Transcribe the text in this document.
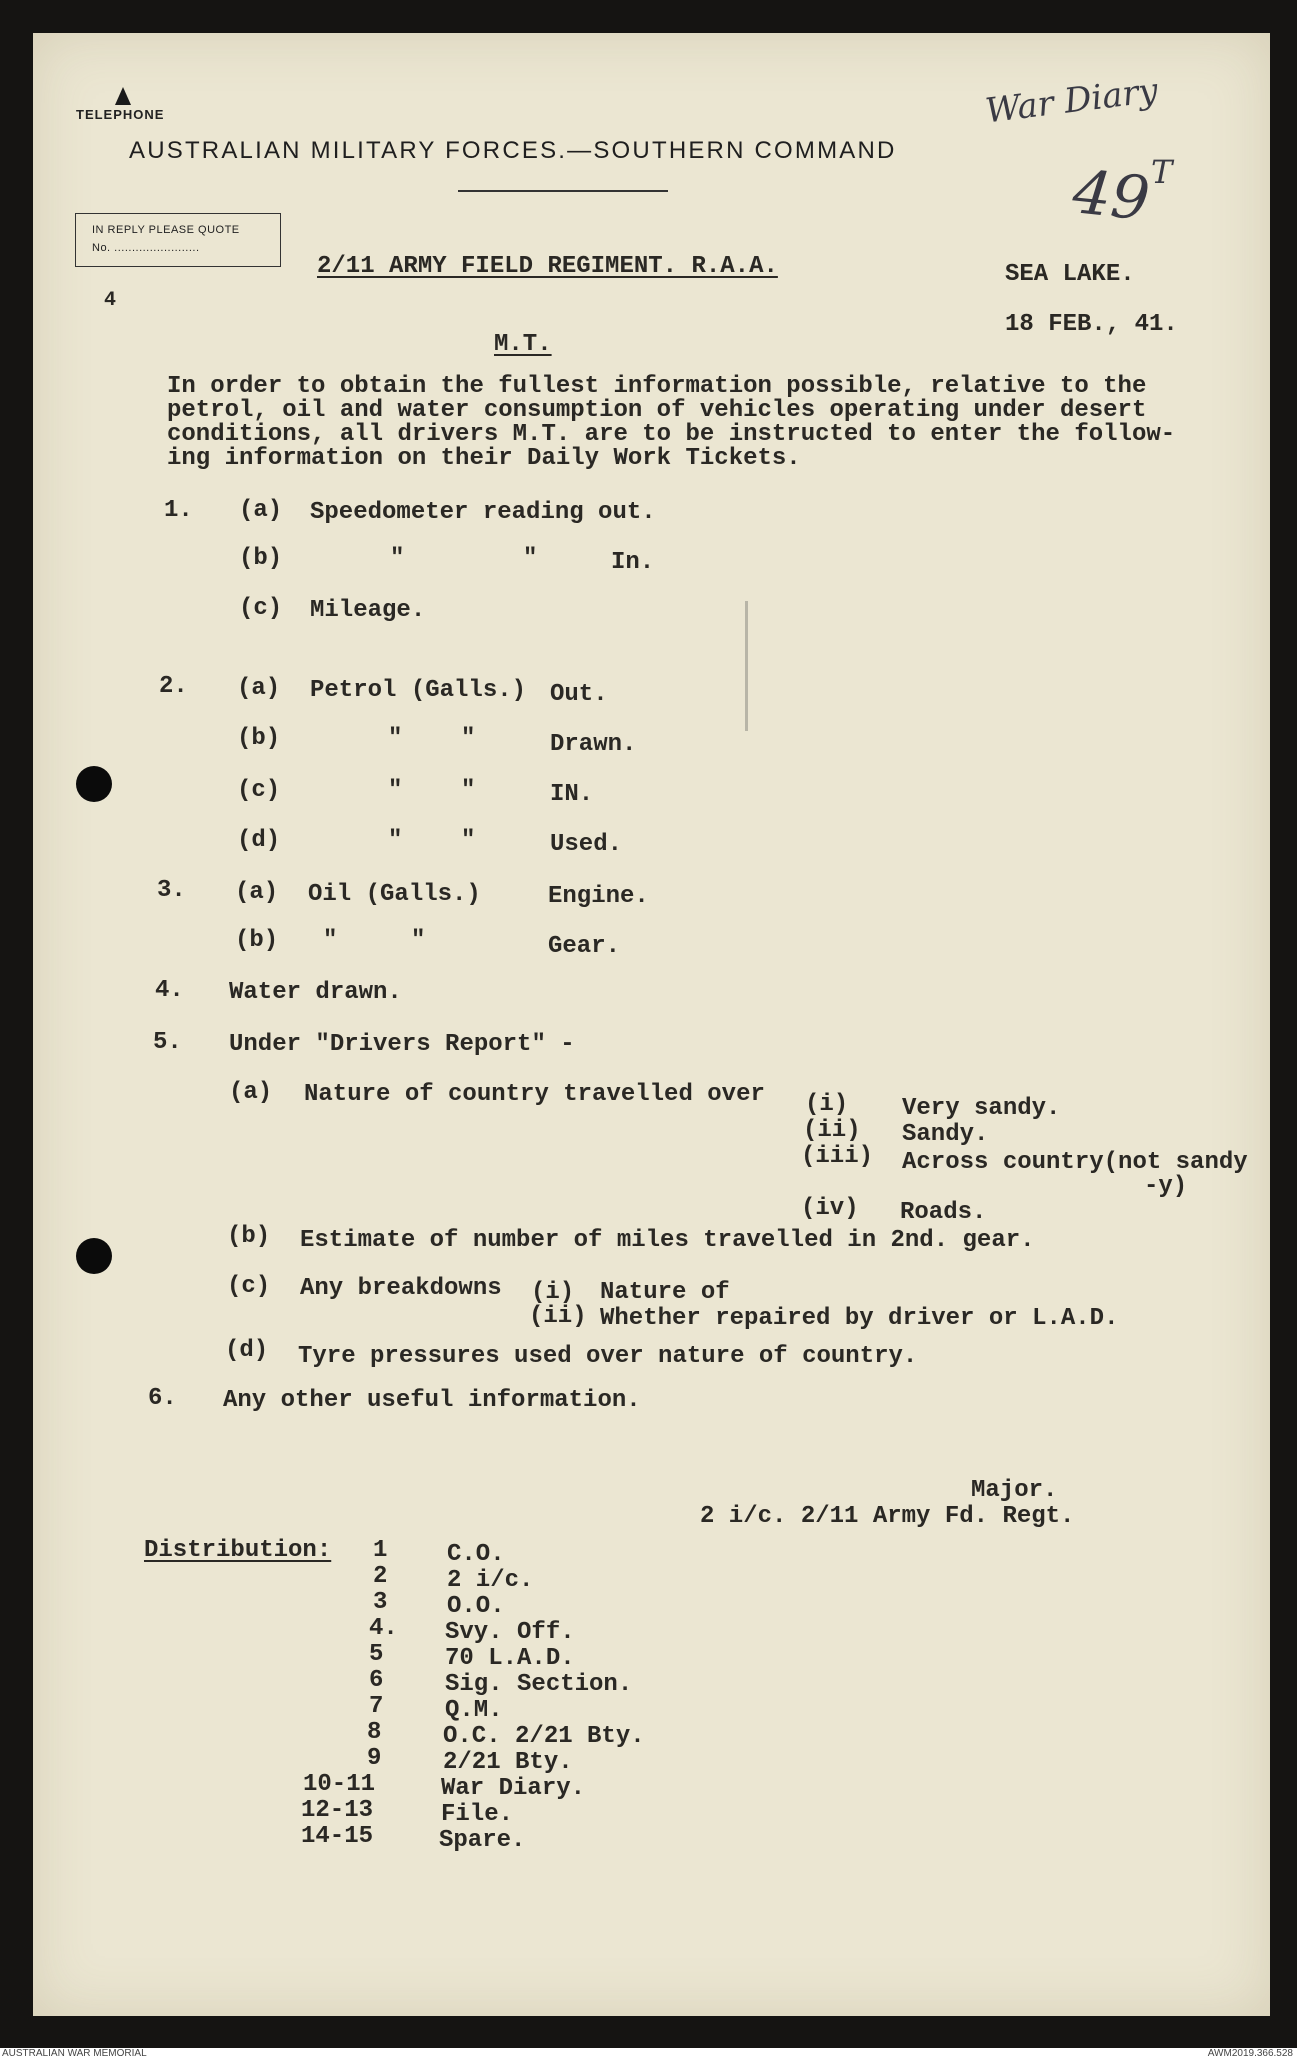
War Diary
49
T
TELEPHONE
AUSTRALIAN MILITARY FORCES.—SOUTHERN COMMAND
IN REPLY PLEASE QUOTE
No. ........................
2/11 ARMY FIELD REGIMENT. R.A.A.	SEA LAKE.
18 FEB., 41.
4
M.T.
In order to obtain the fullest information possible, relative to the
petrol, oil and water consumption of vehicles operating under desert
conditions, all drivers M.T. are to be instructed to enter the follow-
ing information on their Daily Work Tickets.
1. (a) Speedometer reading out.
(b)	"	"	In.
(c) Mileage.
2. (a) Petrol (Galls.) Out.
(b)	" "	Drawn.
(c)	" "	IN.
(d)	" "	Used.
3. (a) Oil (Galls.)	Engine.
(b) "	"	Gear.
4. Water drawn.
5. Under "Drivers Report" -
(a) Nature of country travelled over (i) Very sandy.
(ii) Sandy.
(iii) Across country(not sandy
-y)
(iv) Roads.
(b) Estimate of number of miles travelled in 2nd. gear.
(c) Any breakdowns (i) Nature of
(ii) Whether repaired by driver or L.A.D.
(d) Tyre pressures used over nature of country.
6. Any other useful information.
Major.
2 i/c. 2/11 Army Fd. Regt.
Distribution: 1 C.O.
2 2 i/c.
3 O.O.
4. Svy. Off.
5	70 L.A.D.
6	Sig. Section.
7	Q.M.
8	O.C. 2/21 Bty.
9	2/21 Bty.
10-11	War Diary.
12-13	File.
14-15	Spare.
AUSTRALIAN WAR MEMORIAL	AWM2019.366.528
